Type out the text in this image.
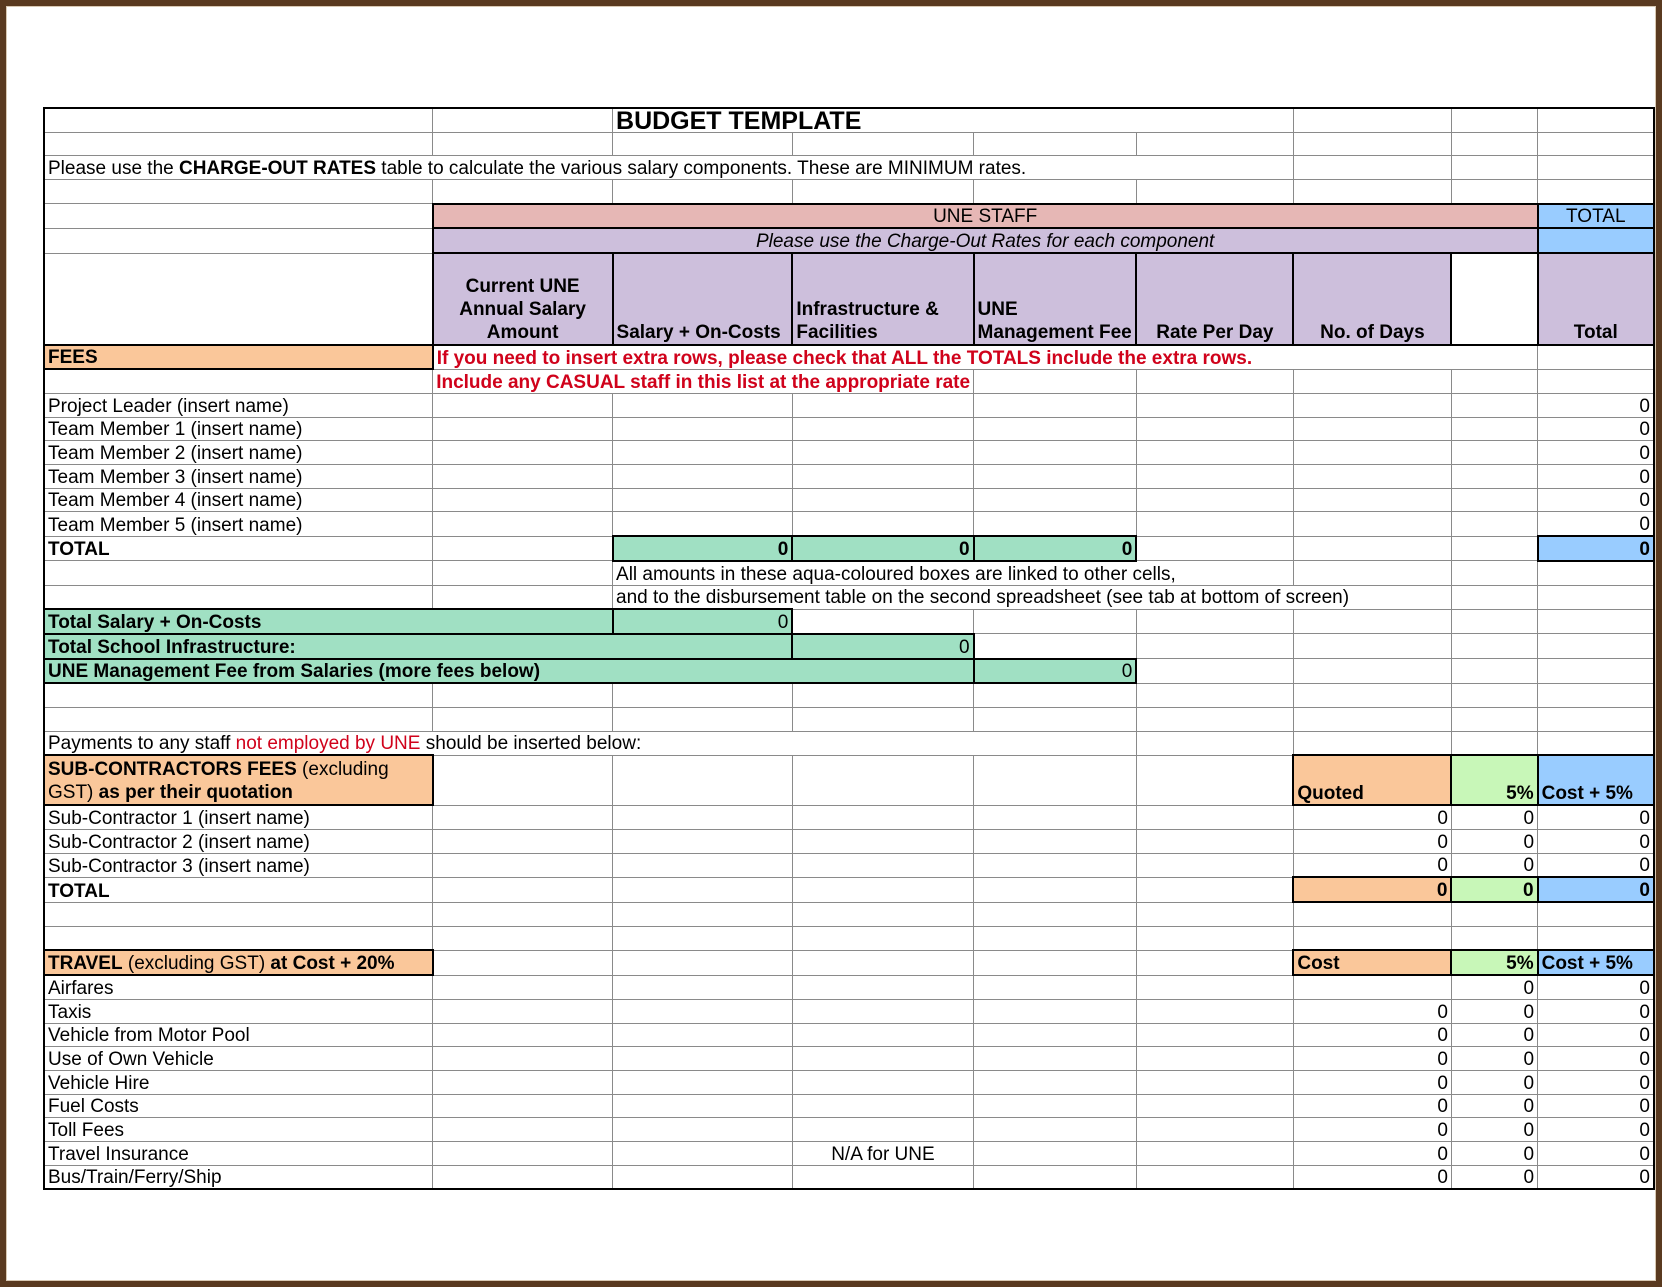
		BUDGET TEMPLATE						

Please use the CHARGE-OUT RATES table to calculate the various salary components. These are MINIMUM rates.								

	UNE STAFF							TOTAL
	Please use the Charge-Out Rates for each component							
	Current UNE Annual Salary Amount	Salary + On-Costs	Infrastructure & Facilities	UNE Management Fee	Rate Per Day	No. of Days		Total
FEES	If you need to insert extra rows, please check that ALL the TOTALS include the extra rows.							
	Include any CASUAL staff in this list at the appropriate rate							
Project Leader (insert name)								0
Team Member 1 (insert name)								0
Team Member 2 (insert name)								0
Team Member 3 (insert name)								0
Team Member 4 (insert name)								0
Team Member 5 (insert name)								0
TOTAL		0	0	0				0
		All amounts in these aqua-coloured boxes are linked to other cells,						
		and to the disbursement table on the second spreadsheet (see tab at bottom of screen)						
Total Salary + On-Costs		0						
Total School Infrastructure:			0					
UNE Management Fee from Salaries (more fees below)				0				

Payments to any staff not employed by UNE should be inserted below:								
SUB-CONTRACTORS FEES (excluding GST) as per their quotation						Quoted	5%	Cost + 5%
Sub-Contractor 1 (insert name)						0	0	0
Sub-Contractor 2 (insert name)						0	0	0
Sub-Contractor 3 (insert name)						0	0	0
TOTAL						0	0	0

TRAVEL (excluding GST) at Cost + 20%						Cost	5%	Cost + 5%
Airfares							0	0
Taxis						0	0	0
Vehicle from Motor Pool						0	0	0
Use of Own Vehicle						0	0	0
Vehicle Hire						0	0	0
Fuel Costs						0	0	0
Toll Fees						0	0	0
Travel Insurance			N/A for UNE			0	0	0
Bus/Train/Ferry/Ship						0	0	0
